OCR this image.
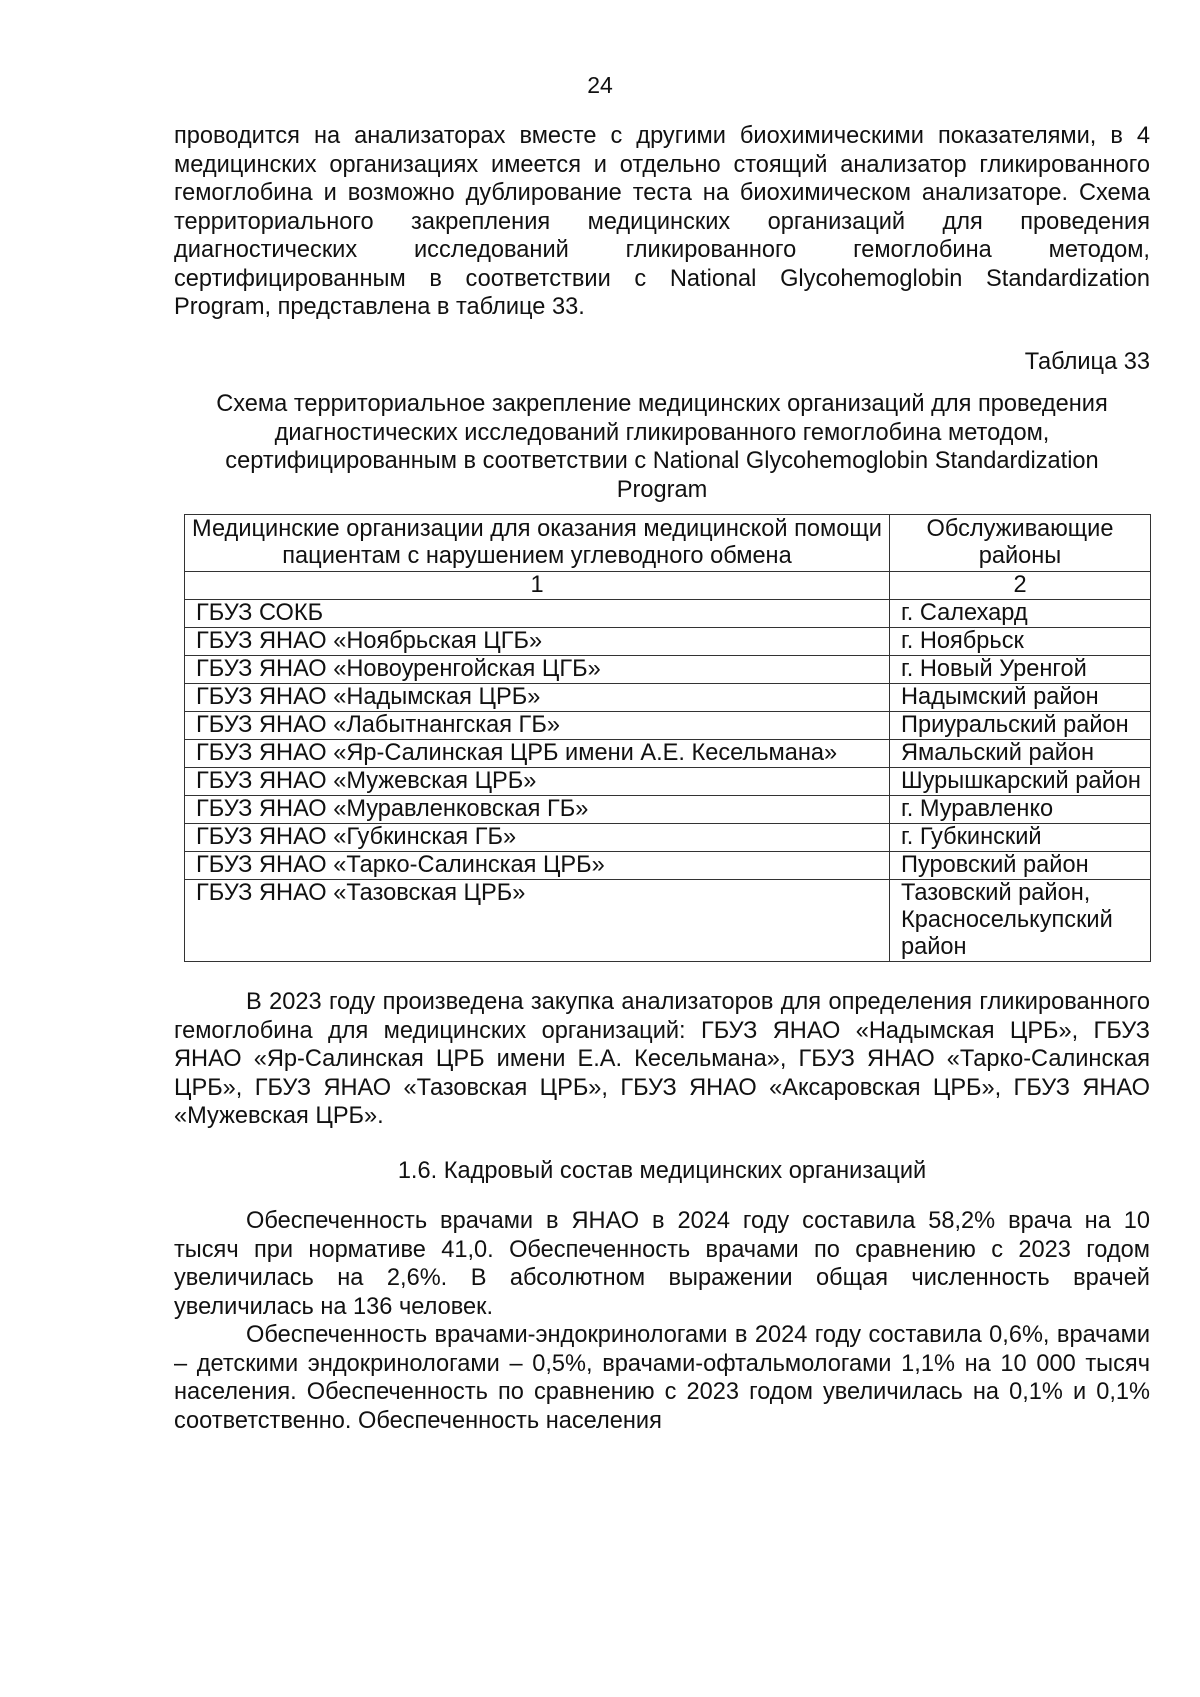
24

проводится на анализаторах вместе с другими биохимическими показателями, в 4 медицинских организациях имеется и отдельно стоящий анализатор гликированного гемоглобина и возможно дублирование теста на биохимическом анализаторе. Схема территориального закрепления медицинских организаций для проведения диагностических исследований гликированного гемоглобина методом, сертифицированным в соответствии с National Glycohemoglobin Standardization Program, представлена в таблице 33.

Таблица 33
Схема территориальное закрепление медицинских организаций для проведения диагностических исследований гликированного гемоглобина методом, сертифицированным в соответствии с National Glycohemoglobin Standardization Program
Медицинские организации для оказания медицинской помощи пациентам с нарушением углеводного обмена	Обслуживающие районы
1	2
ГБУЗ СОКБ	г. Салехард
ГБУЗ ЯНАО «Ноябрьская ЦГБ»	г. Ноябрьск
ГБУЗ ЯНАО «Новоуренгойская ЦГБ»	г. Новый Уренгой
ГБУЗ ЯНАО «Надымская ЦРБ»	Надымский район
ГБУЗ ЯНАО «Лабытнангская ГБ»	Приуральский район
ГБУЗ ЯНАО «Яр-Салинская ЦРБ имени А.Е. Кесельмана»	Ямальский район
ГБУЗ ЯНАО «Мужевская ЦРБ»	Шурышкарский район
ГБУЗ ЯНАО «Муравленковская ГБ»	г. Муравленко
ГБУЗ ЯНАО «Губкинская ГБ»	г. Губкинский
ГБУЗ ЯНАО «Тарко-Салинская ЦРБ»	Пуровский район
ГБУЗ ЯНАО «Тазовская ЦРБ»	Тазовский район, Красноселькупский район

В 2023 году произведена закупка анализаторов для определения гликированного гемоглобина для медицинских организаций: ГБУЗ ЯНАО «Надымская ЦРБ», ГБУЗ ЯНАО «Яр-Салинская ЦРБ имени Е.А. Кесельмана», ГБУЗ ЯНАО «Тарко-Салинская ЦРБ», ГБУЗ ЯНАО «Тазовская ЦРБ», ГБУЗ ЯНАО «Аксаровская ЦРБ», ГБУЗ ЯНАО «Мужевская ЦРБ».

1.6. Кадровый состав медицинских организаций

Обеспеченность врачами в ЯНАО в 2024 году составила 58,2% врача на 10 тысяч при нормативе 41,0. Обеспеченность врачами по сравнению с 2023 годом увеличилась на 2,6%. В абсолютном выражении общая численность врачей увеличилась на 136 человек.

Обеспеченность врачами-эндокринологами в 2024 году составила 0,6%, врачами – детскими эндокринологами – 0,5%, врачами-офтальмологами 1,1% на 10 000 тысяч населения. Обеспеченность по сравнению с 2023 годом увеличилась на 0,1% и 0,1% соответственно. Обеспеченность населения
